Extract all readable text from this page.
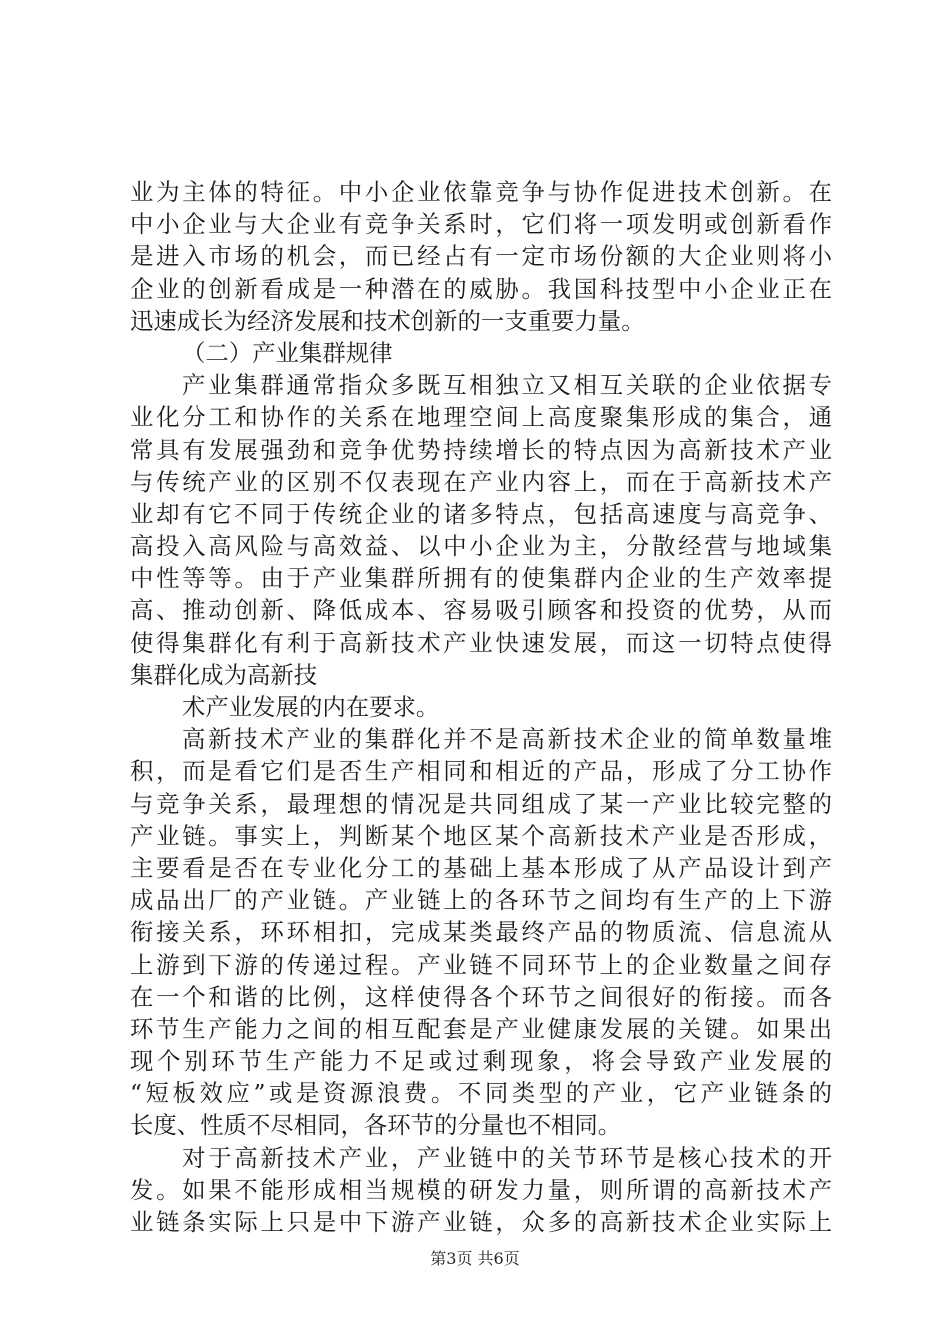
业为主体的特征。中小企业依靠竞争与协作促进技术创新。在
中小企业与大企业有竞争关系时，它们将一项发明或创新看作
是进入市场的机会，而已经占有一定市场份额的大企业则将小
企业的创新看成是一种潜在的威胁。我国科技型中小企业正在
迅速成长为经济发展和技术创新的一支重要力量。
（二）产业集群规律
产业集群通常指众多既互相独立又相互关联的企业依据专
业化分工和协作的关系在地理空间上高度聚集形成的集合，通
常具有发展强劲和竞争优势持续增长的特点因为高新技术产业
与传统产业的区别不仅表现在产业内容上，而在于高新技术产
业却有它不同于传统企业的诸多特点，包括高速度与高竞争、
高投入高风险与高效益、以中小企业为主，分散经营与地域集
中性等等。由于产业集群所拥有的使集群内企业的生产效率提
高、推动创新、降低成本、容易吸引顾客和投资的优势，从而
使得集群化有利于高新技术产业快速发展，而这一切特点使得
集群化成为高新技
术产业发展的内在要求。
高新技术产业的集群化并不是高新技术企业的简单数量堆
积，而是看它们是否生产相同和相近的产品，形成了分工协作
与竞争关系，最理想的情况是共同组成了某一产业比较完整的
产业链。事实上，判断某个地区某个高新技术产业是否形成，
主要看是否在专业化分工的基础上基本形成了从产品设计到产
成品出厂的产业链。产业链上的各环节之间均有生产的上下游
衔接关系，环环相扣，完成某类最终产品的物质流、信息流从
上游到下游的传递过程。产业链不同环节上的企业数量之间存
在一个和谐的比例，这样使得各个环节之间很好的衔接。而各
环节生产能力之间的相互配套是产业健康发展的关键。如果出
现个别环节生产能力不足或过剩现象，将会导致产业发展的
“短板效应”或是资源浪费。不同类型的产业，它产业链条的
长度、性质不尽相同，各环节的分量也不相同。
对于高新技术产业，产业链中的关节环节是核心技术的开
发。如果不能形成相当规模的研发力量，则所谓的高新技术产
业链条实际上只是中下游产业链，众多的高新技术企业实际上
第3页 共6页
